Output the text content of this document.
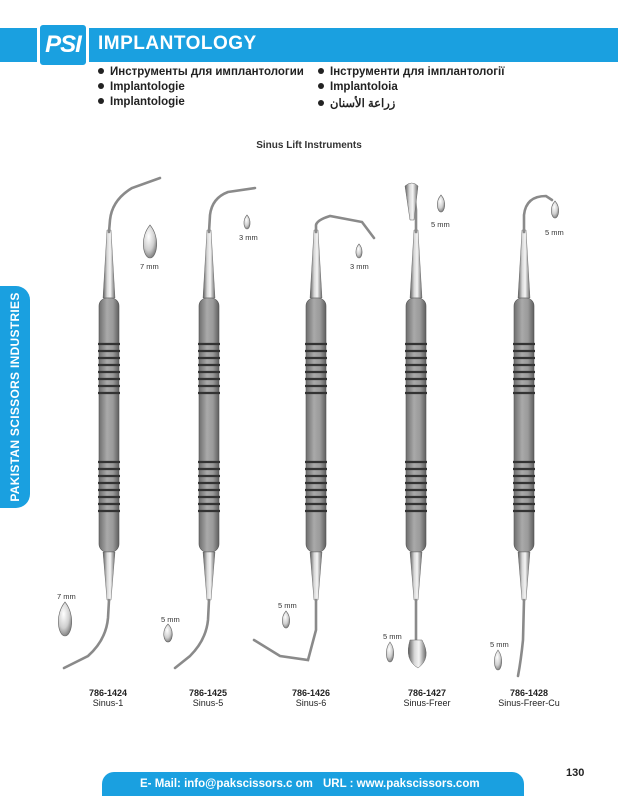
PSI IMPLANTOLOGY
Инструменты для имплантологии
Implantologie
Implantologie
Інструменти для імплантології
Implantoloia
زراعة الأسنان
PAKISTAN SCISSORS INDUSTRIES
Sinus Lift Instruments
7 mm
3 mm
3 mm
5 mm
5 mm
7 mm
5 mm
5 mm
5 mm
5 mm
786-1424
Sinus-1
786-1425
Sinus-5
786-1426
Sinus-6
786-1427
Sinus-Freer
786-1428
Sinus-Freer-Cu
E- Mail: info@pakscissors.c om URL : www.pakscissors.com
130
